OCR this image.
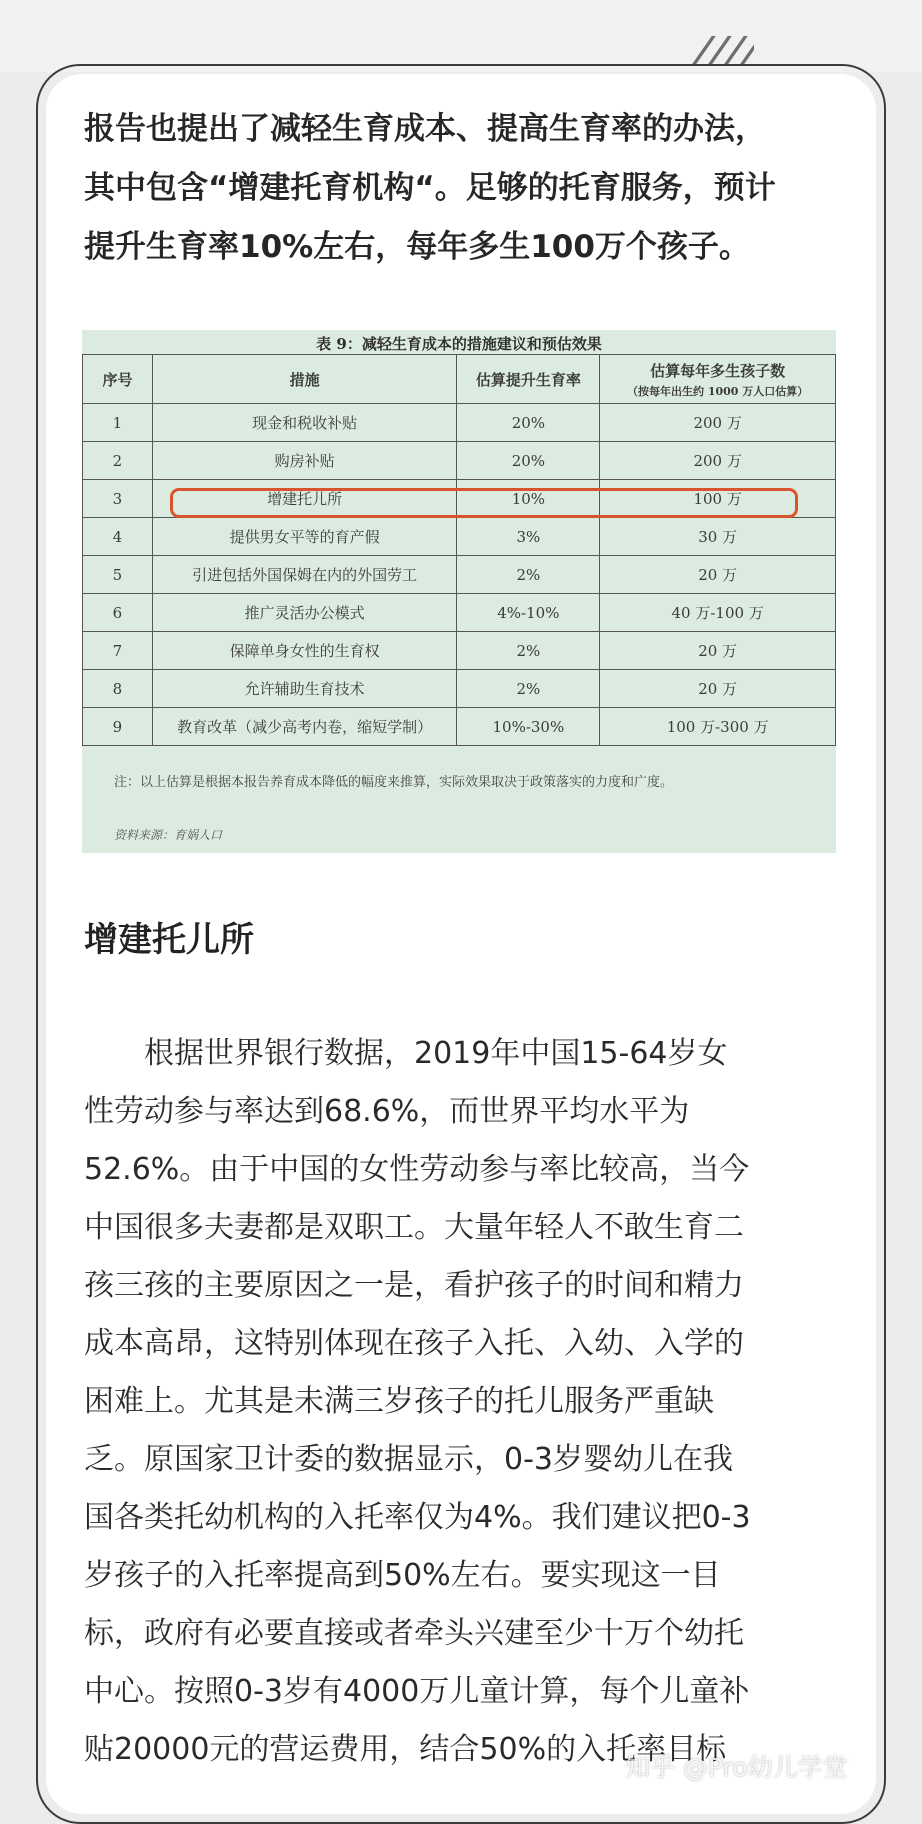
报告也提出了减轻生育成本、提高生育率的办法，

其中包含“增建托育机构“。足够的托育服务，预计

提升生育率10%左右，每年多生100万个孩子。

表 9：减轻生育成本的措施建议和预估效果
序号	措施	估算提升生育率	估算每年多生孩子数
（按每年出生约 1000 万人口估算）

1	现金和税收补贴	20%	200 万
2	购房补贴	20%	200 万
3	增建托儿所	10%	100 万
4	提供男女平等的育产假	3%	30 万
5	引进包括外国保姆在内的外国劳工	2%	20 万
6	推广灵活办公模式	4%-10%	40 万-100 万
7	保障单身女性的生育权	2%	20 万
8	允许辅助生育技术	2%	20 万
9	教育改革（减少高考内卷，缩短学制）	10%-30%	100 万-300 万

注：以上估算是根据本报告养育成本降低的幅度来推算，实际效果取决于政策落实的力度和广度。

资料来源：育娲人口
增建托儿所

　　根据世界银行数据，2019年中国15-64岁女

性劳动参与率达到68.6%，而世界平均水平为

52.6%。由于中国的女性劳动参与率比较高，当今

中国很多夫妻都是双职工。大量年轻人不敢生育二

孩三孩的主要原因之一是，看护孩子的时间和精力

成本高昂，这特别体现在孩子入托、入幼、入学的

困难上。尤其是未满三岁孩子的托儿服务严重缺

乏。原国家卫计委的数据显示，0-3岁婴幼儿在我

国各类托幼机构的入托率仅为4%。我们建议把0-3

岁孩子的入托率提高到50%左右。要实现这一目

标，政府有必要直接或者牵头兴建至少十万个幼托

中心。按照0-3岁有4000万儿童计算，每个儿童补

贴20000元的营运费用，结合50%的入托率目标

知乎 @Pro幼儿学堂
